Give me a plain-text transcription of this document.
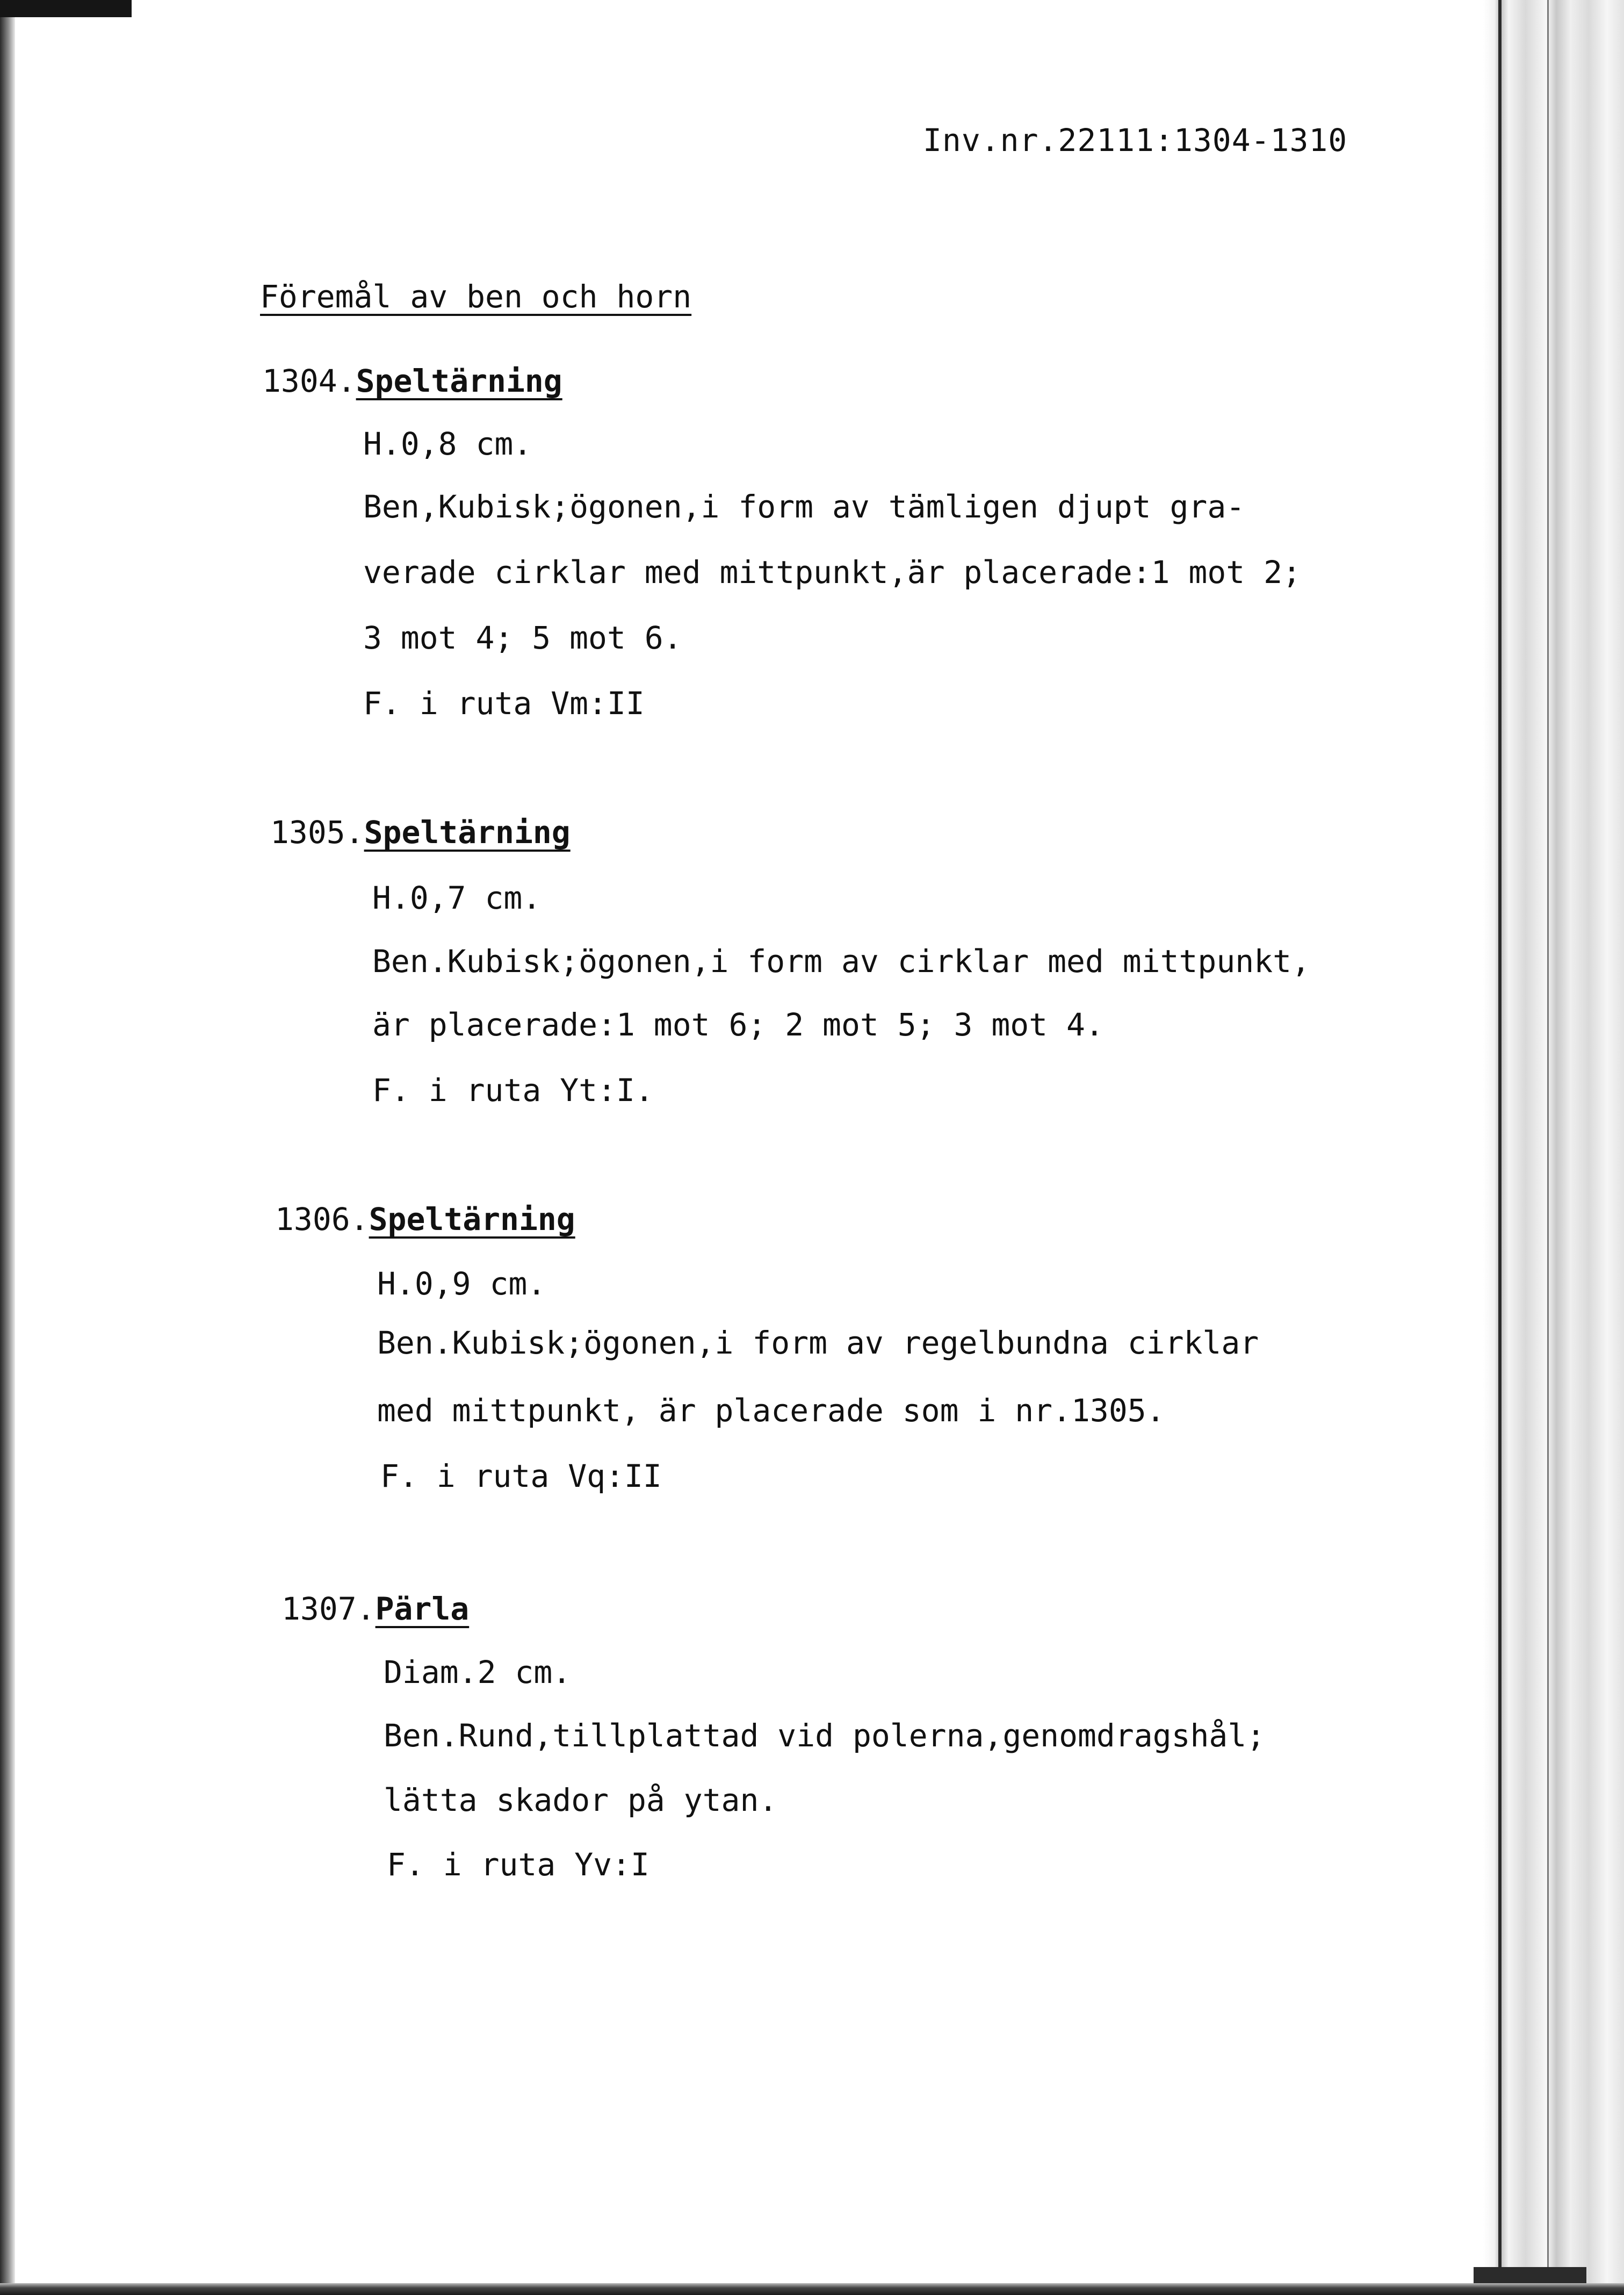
Inv.nr.22111:1304-1310
Föremål av ben och horn
1304.Speltärning
H.0,8 cm.
Ben,Kubisk;ögonen,i form av tämligen djupt gra-
verade cirklar med mittpunkt,är placerade:1 mot 2;
3 mot 4; 5 mot 6.
F. i ruta Vm:II
1305.Speltärning
H.0,7 cm.
Ben.Kubisk;ögonen,i form av cirklar med mittpunkt,
är placerade:1 mot 6; 2 mot 5; 3 mot 4.
F. i ruta Yt:I.
1306.Speltärning
H.0,9 cm.
Ben.Kubisk;ögonen,i form av regelbundna cirklar
med mittpunkt, är placerade som i nr.1305.
F. i ruta Vq:II
1307.Pärla
Diam.2 cm.
Ben.Rund,tillplattad vid polerna,genomdragshål;
lätta skador på ytan.
F. i ruta Yv:I
